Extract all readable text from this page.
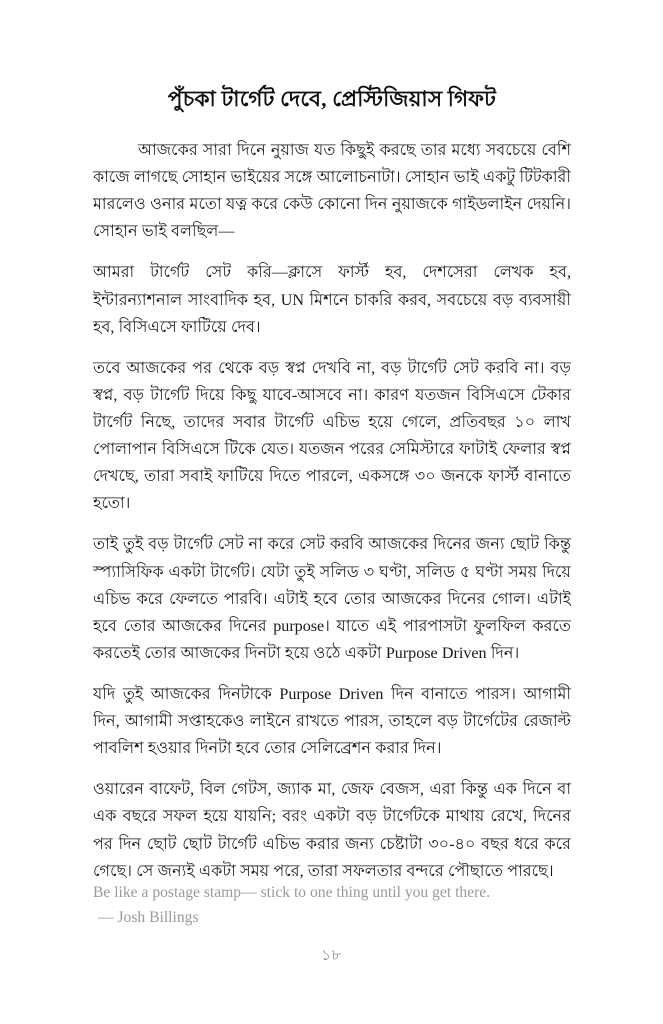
পুঁচকা টার্গেট দেবে, প্রেস্টিজিয়াস গিফট

আজকের সারা দিনে নুয়াজ যত কিছুই করছে তার মধ্যে সবচেয়ে বেশি কাজে লাগছে সোহান ভাইয়ের সঙ্গে আলোচনাটা। সোহান ভাই একটু টিটকারী মারলেও ওনার মতো যত্ন করে কেউ কোনো দিন নুয়াজকে গাইডলাইন দেয়নি। সোহান ভাই বলছিল—

আমরা টার্গেট সেট করি—ক্লাসে ফার্স্ট হব, দেশসেরা লেখক হব, ইন্টারন্যাশনাল সাংবাদিক হব, UN মিশনে চাকরি করব, সবচেয়ে বড় ব্যবসায়ী হব, বিসিএসে ফাটিয়ে দেব।

তবে আজকের পর থেকে বড় স্বপ্ন দেখবি না, বড় টার্গেট সেট করবি না। বড় স্বপ্ন, বড় টার্গেট দিয়ে কিছু যাবে-আসবে না। কারণ যতজন বিসিএসে টেকার টার্গেট নিছে, তাদের সবার টার্গেট এচিভ হয়ে গেলে, প্রতিবছর ১০ লাখ পোলাপান বিসিএসে টিকে যেত। যতজন পরের সেমিস্টারে ফাটাই ফেলার স্বপ্ন দেখছে, তারা সবাই ফাটিয়ে দিতে পারলে, একসঙ্গে ৩০ জনকে ফার্স্ট বানাতে হতো।

তাই তুই বড় টার্গেট সেট না করে সেট করবি আজকের দিনের জন্য ছোট কিন্তু স্প্যাসিফিক একটা টার্গেট। যেটা তুই সলিড ৩ ঘণ্টা, সলিড ৫ ঘণ্টা সময় দিয়ে এচিভ করে ফেলতে পারবি। এটাই হবে তোর আজকের দিনের গোল। এটাই হবে তোর আজকের দিনের purpose। যাতে এই পারপাসটা ফুলফিল করতে করতেই তোর আজকের দিনটা হয়ে ওঠে একটা Purpose Driven দিন।

যদি তুই আজকের দিনটাকে Purpose Driven দিন বানাতে পারস। আগামী দিন, আগামী সপ্তাহকেও লাইনে রাখতে পারস, তাহলে বড় টার্গেটের রেজাল্ট পাবলিশ হওয়ার দিনটা হবে তোর সেলিব্রেশন করার দিন।

ওয়ারেন বাফেট, বিল গেটস, জ্যাক মা, জেফ বেজস, এরা কিন্তু এক দিনে বা এক বছরে সফল হয়ে যায়নি; বরং একটা বড় টার্গেটকে মাথায় রেখে, দিনের পর দিন ছোট ছোট টার্গেট এচিভ করার জন্য চেষ্টাটা ৩০-৪০ বছর ধরে করে গেছে। সে জন্যই একটা সময় পরে, তারা সফলতার বন্দরে পৌছাতে পারছে।

Be like a postage stamp— stick to one thing until you get there.

— Josh Billings

১৮
